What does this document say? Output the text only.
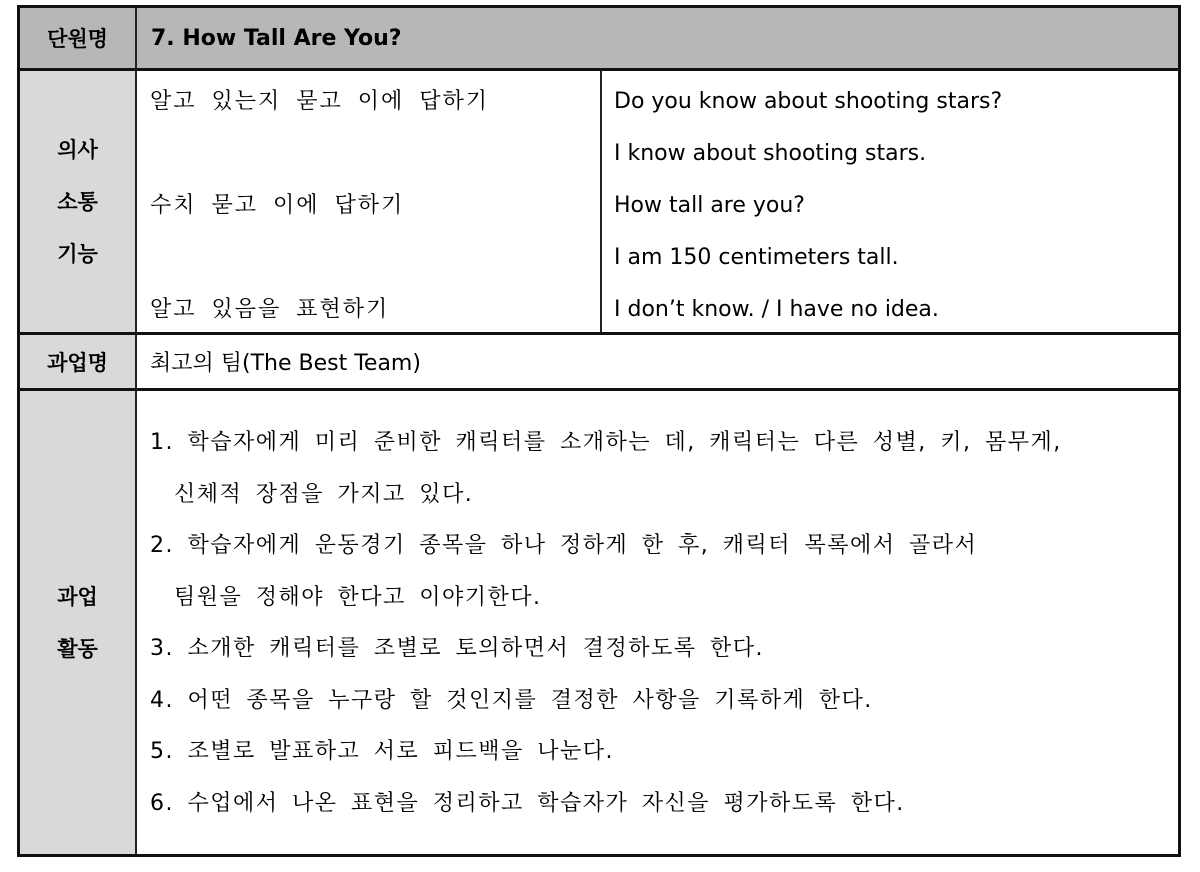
단원명 7. How Tall Are You?
의사
소통
기능
알고 있는지 묻고 이에 답하기
수치 묻고 이에 답하기
알고 있음을 표현하기
Do you know about shooting stars?
I know about shooting stars.
How tall are you?
I am 150 centimeters tall.
I don’t know. / I have no idea.
과업명 최고의 팀(The Best Team)
과업
활동
1. 학습자에게 미리 준비한 캐릭터를 소개하는 데, 캐릭터는 다른 성별, 키, 몸무게,
신체적 장점을 가지고 있다.
2. 학습자에게 운동경기 종목을 하나 정하게 한 후, 캐릭터 목록에서 골라서
팀원을 정해야 한다고 이야기한다.
3. 소개한 캐릭터를 조별로 토의하면서 결정하도록 한다.
4. 어떤 종목을 누구랑 할 것인지를 결정한 사항을 기록하게 한다.
5. 조별로 발표하고 서로 피드백을 나눈다.
6. 수업에서 나온 표현을 정리하고 학습자가 자신을 평가하도록 한다.
